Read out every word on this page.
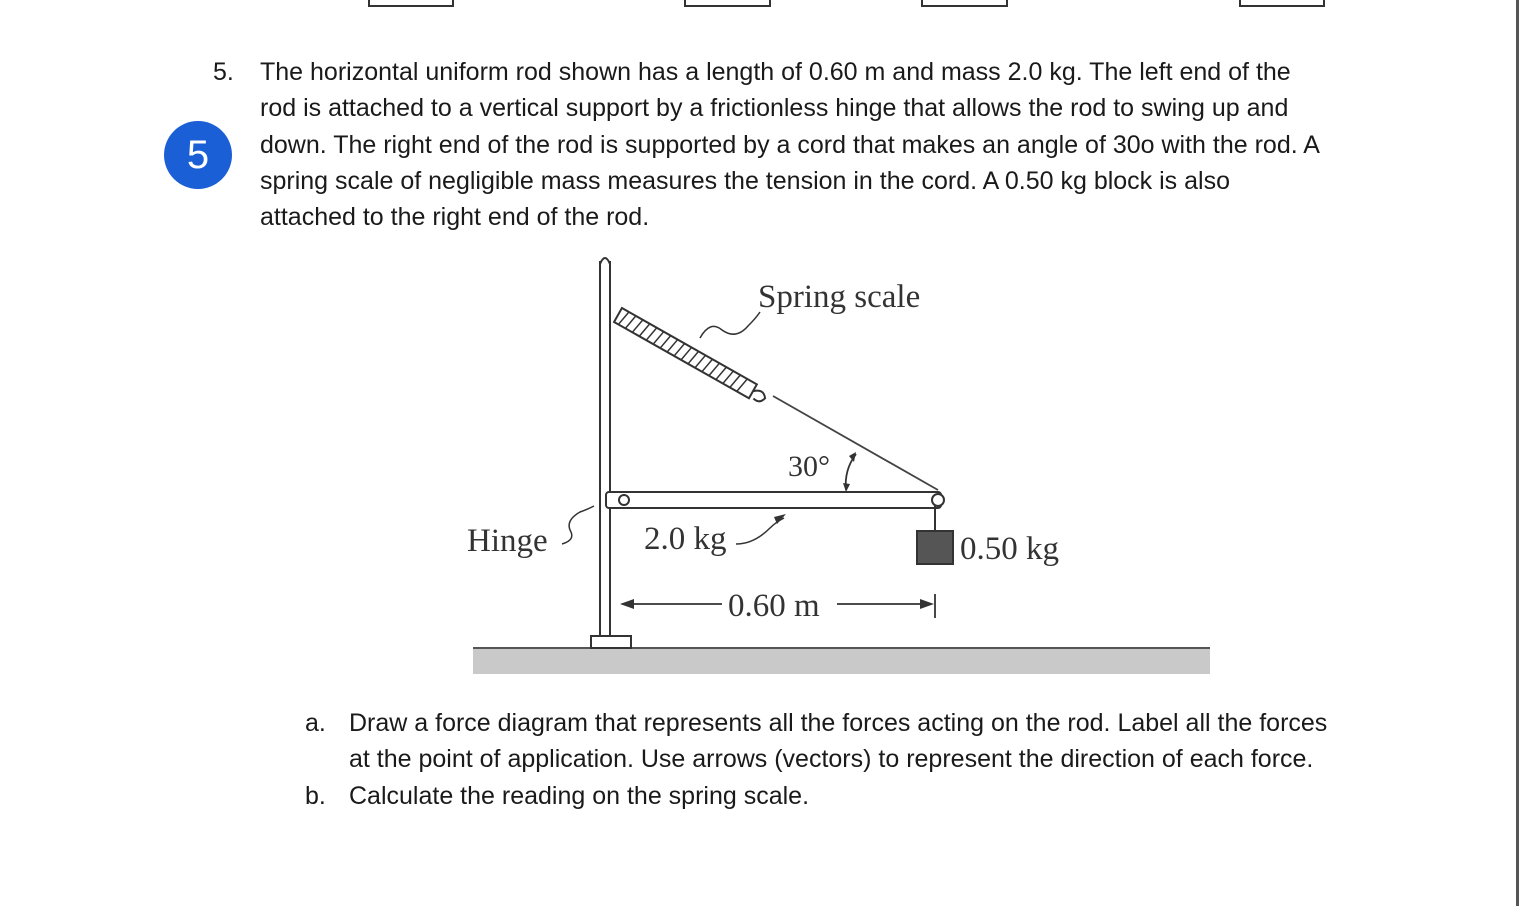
5
5. The horizontal uniform rod shown has a length of 0.60 m and mass 2.0 kg. The left end of the
rod is attached to a vertical support by a frictionless hinge that allows the rod to swing up and
down. The right end of the rod is supported by a cord that makes an angle of 30o with the rod. A
spring scale of negligible mass measures the tension in the cord. A 0.50 kg block is also
attached to the right end of the rod.
Spring scale
30°
Hinge	2.0 kg	0.50 kg
0.60 m
a. Draw a force diagram that represents all the forces acting on the rod. Label all the forces
at the point of application. Use arrows (vectors) to represent the direction of each force.
b. Calculate the reading on the spring scale.
